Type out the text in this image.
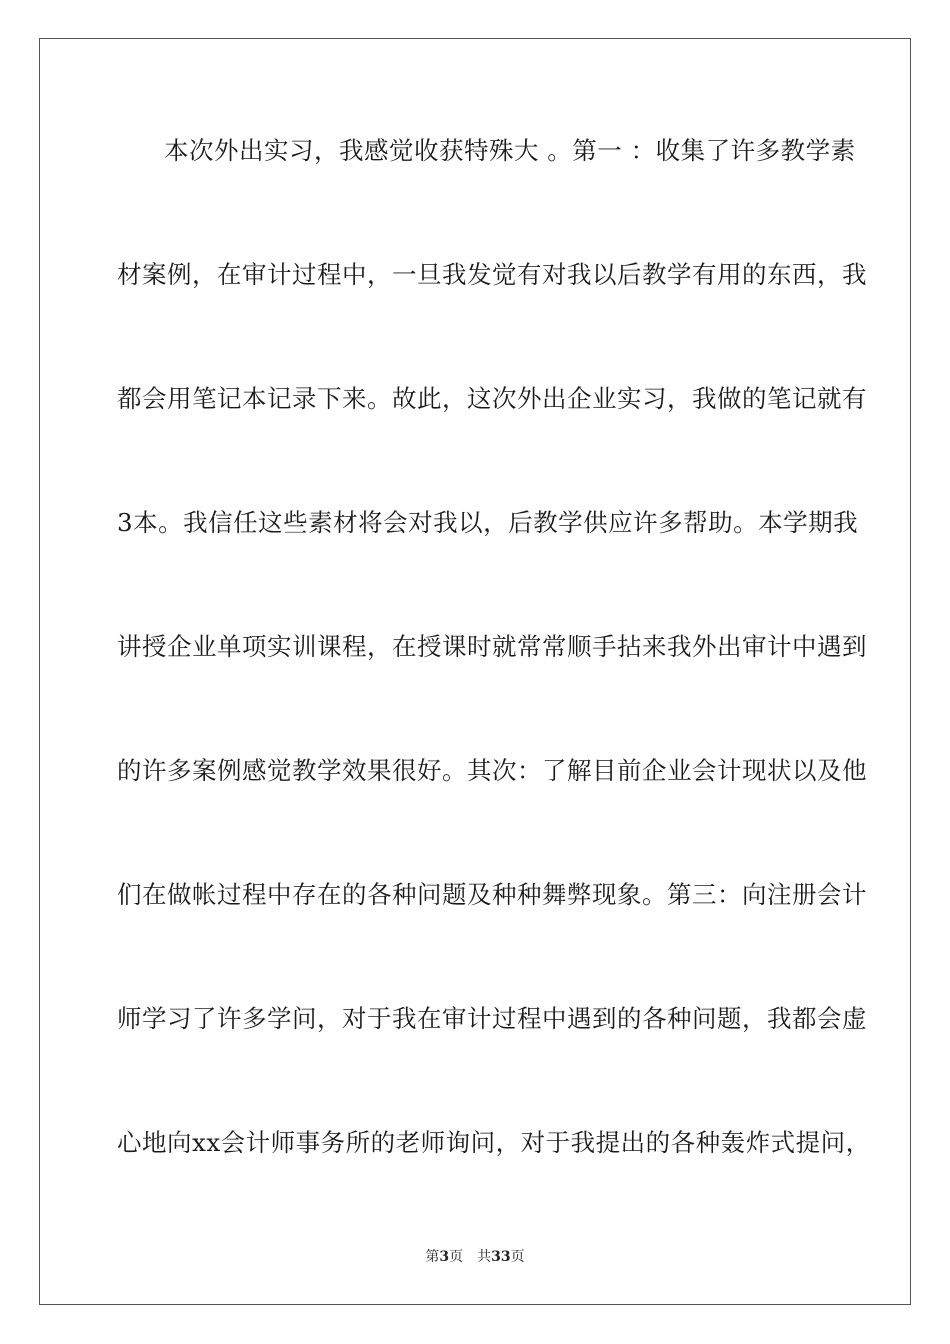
本次外出实习，我感觉收获特殊大 。第一 ：收集了许多教学素
材案例，在审计过程中，一旦我发觉有对我以后教学有用的东西，我
都会用笔记本记录下来。故此，这次外出企业实习，我做的笔记就有
3本。我信任这些素材将会对我以，后教学供应许多帮助。本学期我
讲授企业单项实训课程，在授课时就常常顺手拈来我外出审计中遇到
的许多案例感觉教学效果很好。其次：了解目前企业会计现状以及他
们在做帐过程中存在的各种问题及种种舞弊现象。第三：向注册会计
师学习了许多学问，对于我在审计过程中遇到的各种问题，我都会虚
心地向xx会计师事务所的老师询问，对于我提出的各种轰炸式提问，
第3页 共33页
